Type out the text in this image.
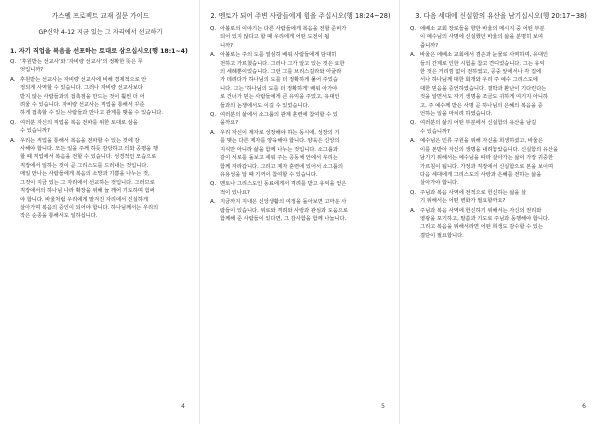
가스펠 프로젝트 교재 질문 가이드
GP신약 4-12 지금 있는 그 자리에서 선교하기
1. 자기 직업을 복음을 선포하는 토대로 삼으십시오(행 18:1~4)
Q. ‘후원받는 선교사’와 ‘자비량 선교사’의 정확한 뜻은 무
엇입니까?
A. 후원받는 선교사는 자비량 선교사에 비해 경제적으로 안
정되게 사역할 수 있습니다. 그러나 자비량 선교사보다
받지 않는 사람들과의 접촉점을 만드는 것이 훨씬 더 어
려울 수 있습니다. 자비량 선교사는 직업을 통해서 꾸준
하게 접촉할 수 있는 사람들과 만나고 관계를 맺을 수 있습니다.
Q. 여러분 자신의 직업을 복음 전파를 위한 토대로 삼을
수 있습니까?
A. 우리는 직업을 통해서 복음을 전파할 수 있는 것에 감
사해야 합니다. 모든 일을 주께 하듯 감당하고 의와 공평을 행
할 때 직업에서 복음을 전할 수 있습니다. 성경적인 모습으로
직장에서 일하는 것이 곧 그리스도를 드러내는 것입니다.
매일 만나는 사람들에게 복음의 소망과 기쁨을 나누는 것,
그것이 지금 있는 그 자리에서 선교하는 것입니다. 그러므로
직장에서의 하나님 나라 확장을 위해 늘 깨어 기도하며 힘써
야 합니다. 바울처럼 우리에게 맡겨진 자리에서 신실하게
살아가며 복음의 증인이 되어야 합니다. 하나님께서는 우리의
작은 순종을 통해서도 일하십니다.
4
2. 멘토가 되어 주변 사람들에게 힘을 주십시오(행 18:24~28)
Q. 아볼로의 이야기는 다른 사람들에게 복음을 전할 준비가
되어 있지 않다고 할 때 우리에게 어떤 도전이 됩
니까?
A. 아볼로는 주의 도를 열심히 배워 사람들에게 담대히
전하고 가르쳤습니다. 그러나 그가 알고 있는 것은 요한
의 세례뿐이었습니다. 그런 그를 브리스길라와 아굴라
가 데려다가 하나님의 도를 더 정확하게 풀어 주었습
니다. 그는 '하나님의 도를 더 정확하게' 배워 아가야
로 건너가 믿는 사람들에게 큰 유익을 주었고, 유대인
들과의 논쟁에서도 이길 수 있었습니다.
Q. 여러분의 삶에서 소그룹의 관계 훈련에 참여할 수 있
을까요?
A. 우리 자신이 제자로 성장해야 하는 동시에, 성장의 기
를 맺는 다른 제자를 양육해야 합니다. 양육은 신앙의
지식만 아니라 삶을 함께 나누는 것입니다. 소그룹과
같이 서로를 돌보고 세워 주는 공동체 안에서 우리는
함께 자라갑니다. 그리고 제자 훈련에 있어서 소그룹의
유용성을 알 때 기꺼이 참여할 수 있습니다.
Q. 멘토나 그리스도인 동료에게서 격려를 받고 유익을 얻은
적이 있나요?
A. 지금까지 지내온 신앙생활의 여정을 돌아보면 고마운 사
람들이 있습니다. 위로와 격려와 사랑과 관심과 도움으로
함께해 준 사람들이 있다면, 그 감사함을 함께 나눕니다.
5
3. 다음 세대에 신실함의 유산을 남기십시오(행 20:17~38)
Q. 에베소 교회 장로들을 향한 바울의 메시지 중 어떤 부분
이 예수님의 사명에 신실했던 바울의 삶을 분명히 보여
줍니까?
A. 바울은 에베소 교회에서 겸손과 눈물로 사역하며, 유대인
들의 간계로 인한 시험을 참고 견디었습니다. 그는 유익
한 것은 거리낌 없이 전하였고, 공중 앞에서나 각 집에
서나 하나님께 대한 회개와 우리 주 예수 그리스도에
대한 믿음을 증언하였습니다. 결박과 환난이 기다린다는
것을 알면서도 자기 생명을 조금도 귀하게 여기지 아니하
고, 주 예수께 받은 사명 곧 하나님의 은혜의 복음을 증
언하는 일을 마치려 하였습니다.
Q. 여러분의 삶의 어떤 부분에서 신실함의 유산을 남길
수 있습니까?
A. 예수님은 인류 구원을 위해 자신을 희생하셨고, 바울은
이를 본받아 자신의 생명을 내려놓았습니다. 신실함의 유산을
남기기 위해서는 예수님을 따라 살아가는 삶이 가장 귀중한
가르침이 됩니다. 가정과 직장에서 신실함으로 본을 보이며
다음 세대에게 그리스도의 사랑과 은혜를 전하는 삶을
살아가야 합니다.
Q. 주님과 복음 사역에 전적으로 헌신하는 삶을 살
기 위해서는 어떤 변화가 필요할까요?
A. 주님과 복음 사역에 헌신하기 위해서는 자신의 권리와
영광을 포기하고, 말씀과 기도로 주님과 동행해야 합니다.
그리고 복음을 위해서라면 어떤 희생도 감수할 수 있는
결단이 필요합니다.
6
